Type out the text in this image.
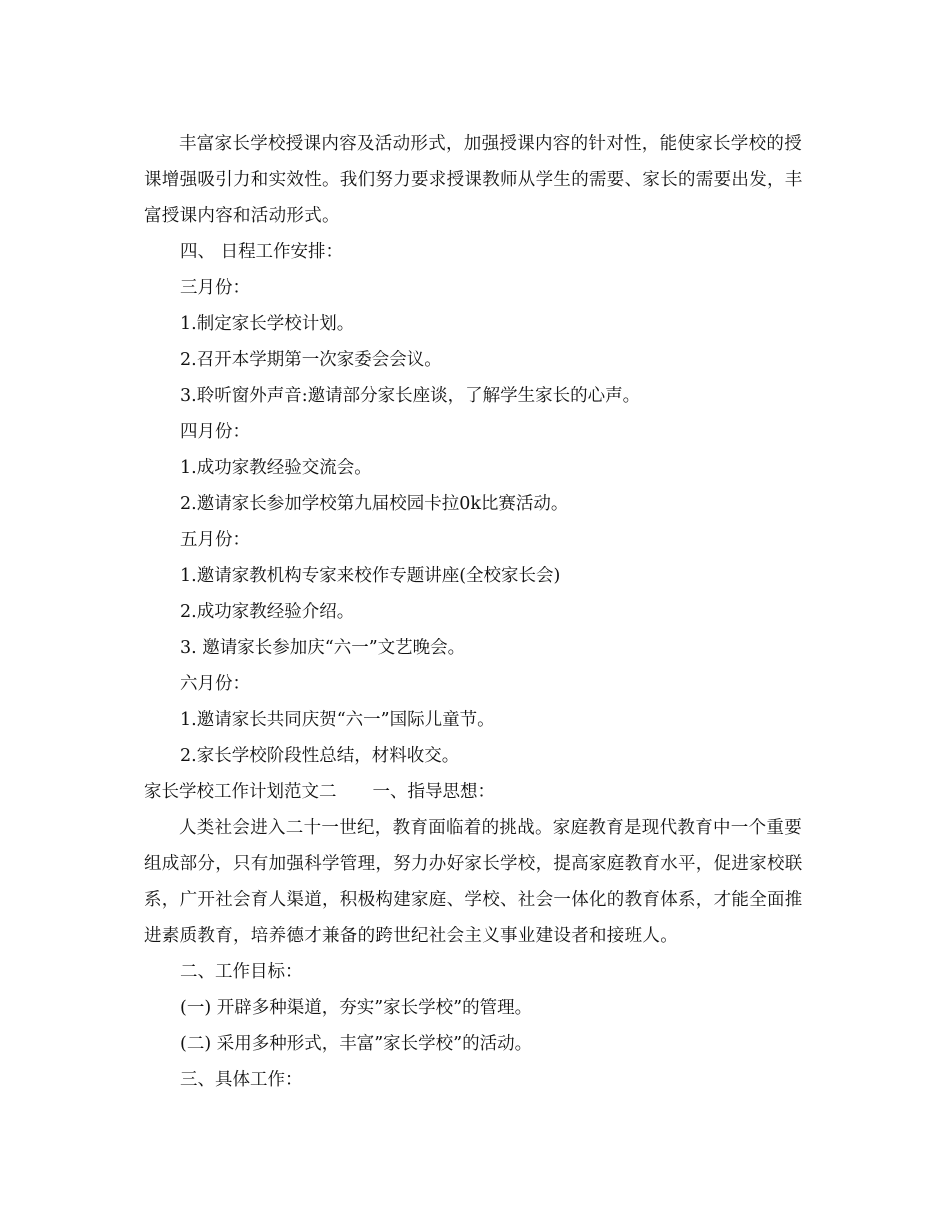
丰富家长学校授课内容及活动形式，加强授课内容的针对性，能使家长学校的授课增强吸引力和实效性。我们努力要求授课教师从学生的需要、家长的需要出发，丰富授课内容和活动形式。

四、 日程工作安排：

三月份：

1.制定家长学校计划。

2.召开本学期第一次家委会会议。

3.聆听窗外声音:邀请部分家长座谈，了解学生家长的心声。

四月份：

1.成功家教经验交流会。

2.邀请家长参加学校第九届校园卡拉0k比赛活动。

五月份：

1.邀请家教机构专家来校作专题讲座(全校家长会)

2.成功家教经验介绍。

3. 邀请家长参加庆“六一”文艺晚会。

六月份：

1.邀请家长共同庆贺“六一”国际儿童节。

2.家长学校阶段性总结，材料收交。

家长学校工作计划范文二 一、指导思想：

人类社会进入二十一世纪，教育面临着的挑战。家庭教育是现代教育中一个重要组成部分，只有加强科学管理，努力办好家长学校，提高家庭教育水平，促进家校联系，广开社会育人渠道，积极构建家庭、学校、社会一体化的教育体系，才能全面推进素质教育，培养德才兼备的跨世纪社会主义事业建设者和接班人。

二、工作目标：

(一) 开辟多种渠道，夯实”家长学校”的管理。

(二) 采用多种形式，丰富”家长学校”的活动。

三、具体工作：
